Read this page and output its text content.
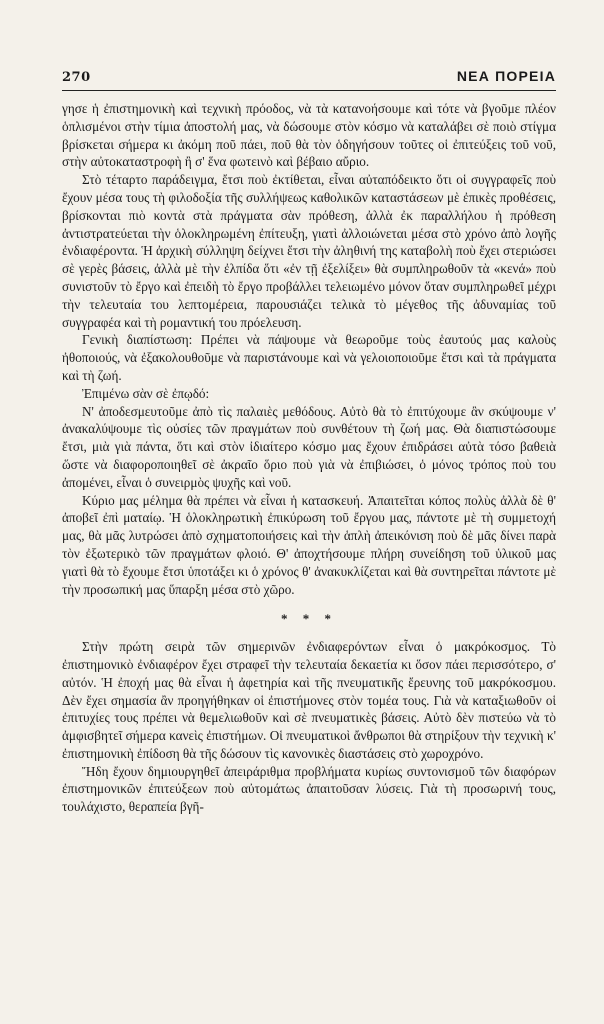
270	ΝΕΑ ΠΟΡΕΙΑ

γησε ἡ ἐπιστημονικὴ καὶ τεχνικὴ πρόοδος, νὰ τὰ κατανοήσουμε καὶ τότε νὰ βγοῦμε πλέον ὁπλισμένοι στὴν τίμια ἀποστολή μας, νὰ δώσουμε στὸν κόσμο νὰ καταλάβει σὲ ποιὸ στίγμα βρίσκεται σήμερα κι ἀκόμη ποῦ πάει, ποῦ θὰ τὸν ὁδηγήσουν τοῦτες οἱ ἐπιτεύξεις τοῦ νοῦ, στὴν αὐτοκαταστροφὴ ἢ σ' ἕνα φωτεινὸ καὶ βέβαιο αὔριο.

Στὸ τέταρτο παράδειγμα, ἔτσι ποὺ ἐκτίθεται, εἶναι αὐταπόδεικτο ὅτι οἱ συγγραφεῖς ποὺ ἔχουν μέσα τους τὴ φιλοδοξία τῆς συλλήψεως καθολικῶν καταστάσεων μὲ ἐπικὲς προθέσεις, βρίσκονται πιὸ κοντὰ στὰ πράγματα σὰν πρόθεση, ἀλλὰ ἐκ παραλλήλου ἡ πρόθεση ἀντιστρατεύεται τὴν ὁλοκληρωμένη ἐπίτευξη, γιατὶ ἀλλοιώνεται μέσα στὸ χρόνο ἀπὸ λογῆς ἐνδιαφέροντα. Ἡ ἀρχικὴ σύλληψη δείχνει ἔτσι τὴν ἀληθινή της καταβολὴ ποὺ ἔχει στεριώσει σὲ γερὲς βάσεις, ἀλλὰ μὲ τὴν ἐλπίδα ὅτι «ἐν τῇ ἐξελίξει» θὰ συμπληρωθοῦν τὰ «κενά» ποὺ συνιστοῦν τὸ ἔργο καὶ ἐπειδὴ τὸ ἔργο προβάλλει τελειωμένο μόνον ὅταν συμπληρωθεῖ μέχρι τὴν τελευταία του λεπτομέρεια, παρουσιάζει τελικὰ τὸ μέγεθος τῆς ἀδυναμίας τοῦ συγγραφέα καὶ τὴ ρομαντική του πρόελευση.

Γενικὴ διαπίστωση: Πρέπει νὰ πάψουμε νὰ θεωροῦμε τοὺς ἑαυτούς μας καλοὺς ἠθοποιούς, νὰ ἐξακολουθοῦμε νὰ παριστάνουμε καὶ νὰ γελοιοποιοῦμε ἔτσι καὶ τὰ πράγματα καὶ τὴ ζωή.

Ἐπιμένω σὰν σὲ ἐπῳδό:

Ν' ἀποδεσμευτοῦμε ἀπὸ τὶς παλαιὲς μεθόδους. Αὐτὸ θὰ τὸ ἐπιτύχουμε ἂν σκύψουμε ν' ἀνακαλύψουμε τὶς οὐσίες τῶν πραγμάτων ποὺ συνθέτουν τὴ ζωή μας. Θὰ διαπιστώσουμε ἔτσι, μιὰ γιὰ πάντα, ὅτι καὶ στὸν ἰδιαίτερο κόσμο μας ἔχουν ἐπιδράσει αὐτὰ τόσο βαθειὰ ὥστε νὰ διαφοροποιηθεῖ σὲ ἀκραῖο ὅριο ποὺ γιὰ νὰ ἐπιβιώσει, ὁ μόνος τρόπος ποὺ του ἀπομένει, εἶναι ὁ συνειρμὸς ψυχῆς καὶ νοῦ.

Κύριο μας μέλημα θὰ πρέπει νὰ εἶναι ἡ κατασκευή. Ἀπαιτεῖται κόπος πολὺς ἀλλὰ δὲ θ' ἀποβεῖ ἐπὶ ματαίῳ. Ἡ ὁλοκληρωτικὴ ἐπικύρωση τοῦ ἔργου μας, πάντοτε μὲ τὴ συμμετοχή μας, θὰ μᾶς λυτρώσει ἀπὸ σχηματοποιήσεις καὶ τὴν ἁπλὴ ἀπεικόνιση ποὺ δὲ μᾶς δίνει παρὰ τὸν ἐξωτερικὸ τῶν πραγμάτων φλοιό. Θ' ἀποχτήσουμε πλήρη συνείδηση τοῦ ὑλικοῦ μας γιατὶ θὰ τὸ ἔχουμε ἔτσι ὑποτάξει κι ὁ χρόνος θ' ἀνακυκλίζεται καὶ θὰ συντηρεῖται πάντοτε μὲ τὴν προσωπική μας ὕπαρξη μέσα στὸ χῶρο.

* * *

Στὴν πρώτη σειρὰ τῶν σημερινῶν ἐνδιαφερόντων εἶναι ὁ μακρόκοσμος. Τὸ ἐπιστημονικὸ ἐνδιαφέρον ἔχει στραφεῖ τὴν τελευταία δεκαετία κι ὅσον πάει περισσότερο, σ' αὐτόν. Ἡ ἐποχή μας θὰ εἶναι ἡ ἀφετηρία καὶ τῆς πνευματικῆς ἔρευνης τοῦ μακρόκοσμου. Δὲν ἔχει σημασία ἂν προηγήθηκαν οἱ ἐπιστήμονες στὸν τομέα τους. Γιὰ νὰ καταξιωθοῦν οἱ ἐπιτυχίες τους πρέπει νὰ θεμελιωθοῦν καὶ σὲ πνευματικὲς βάσεις. Αὐτὸ δὲν πιστεύω νὰ τὸ ἀμφισβητεῖ σήμερα κανεὶς ἐπιστήμων. Οἱ πνευματικοὶ ἄνθρωποι θὰ στηρίξουν τὴν τεχνικὴ κ' ἐπιστημονικὴ ἐπίδοση θὰ τῆς δώσουν τὶς κανονικὲς διαστάσεις στὸ χωροχρόνο.

Ἤδη ἔχουν δημιουργηθεῖ ἀπειράριθμα προβλήματα κυρίως συντονισμοῦ τῶν διαφόρων ἐπιστημονικῶν ἐπιτεύξεων ποὺ αὐτομάτως ἀπαιτοῦσαν λύσεις. Γιὰ τὴ προσωρινή τους, τουλάχιστο, θεραπεία βγῆ-
